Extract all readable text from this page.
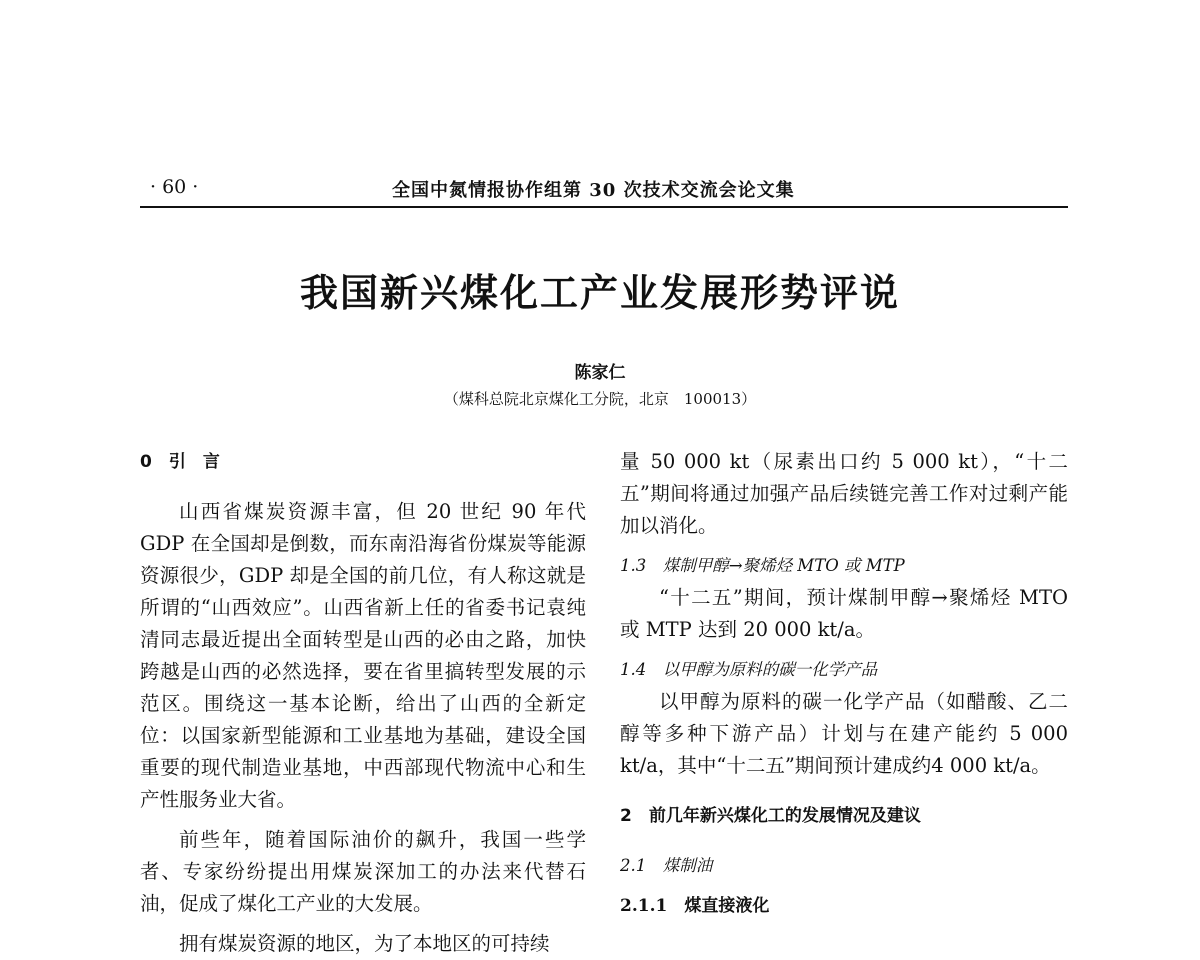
· 60 ·	全国中氮情报协作组第 30 次技术交流会论文集
我国新兴煤化工产业发展形势评说
陈家仁
（煤科总院北京煤化工分院，北京　100013）

0　引　言

山西省煤炭资源丰富，但 20 世纪 90 年代 GDP 在全国却是倒数，而东南沿海省份煤炭等能源资源很少，GDP 却是全国的前几位，有人称这就是所谓的“山西效应”。山西省新上任的省委书记袁纯清同志最近提出全面转型是山西的必由之路，加快跨越是山西的必然选择，要在省里搞转型发展的示范区。围绕这一基本论断，给出了山西的全新定位：以国家新型能源和工业基地为基础，建设全国重要的现代制造业基地，中西部现代物流中心和生产性服务业大省。

前些年，随着国际油价的飙升，我国一些学者、专家纷纷提出用煤炭深加工的办法来代替石油，促成了煤化工产业的大发展。

拥有煤炭资源的地区，为了本地区的可持续

量 50 000 kt（尿素出口约 5 000 kt），“十二五”期间将通过加强产品后续链完善工作对过剩产能加以消化。

1.3　煤制甲醇→聚烯烃 MTO 或 MTP

“十二五”期间，预计煤制甲醇→聚烯烃 MTO 或 MTP 达到 20 000 kt/a。

1.4　以甲醇为原料的碳一化学产品

以甲醇为原料的碳一化学产品（如醋酸、乙二醇等多种下游产品）计划与在建产能约 5 000 kt/a，其中“十二五”期间预计建成约4 000 kt/a。

2　前几年新兴煤化工的发展情况及建议

2.1　煤制油

2.1.1　煤直接液化
